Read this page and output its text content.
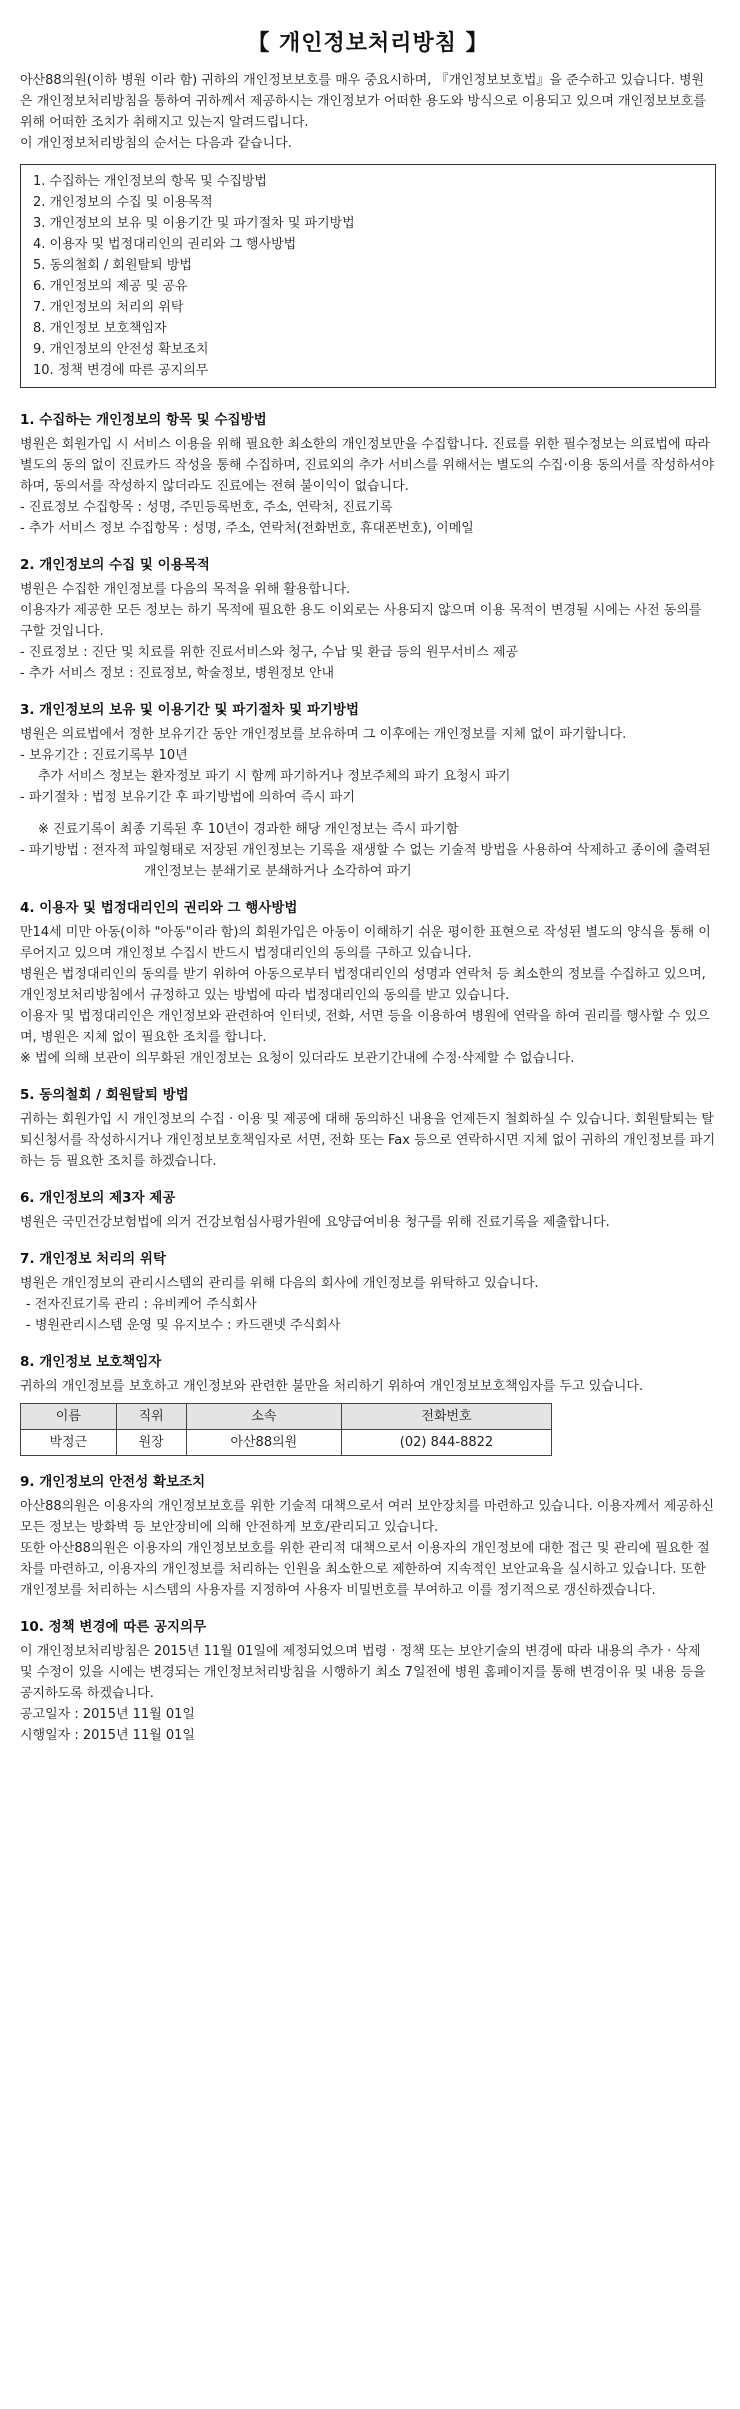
【 개인정보처리방침 】

아산88의원(이하 병원 이라 함) 귀하의 개인정보보호를 매우 중요시하며, 『개인정보보호법』을 준수하고 있습니다. 병원은 개인정보처리방침을 통하여 귀하께서 제공하시는 개인정보가 어떠한 용도와 방식으로 이용되고 있으며 개인정보보호를 위해 어떠한 조치가 취해지고 있는지 알려드립니다.

이 개인정보처리방침의 순서는 다음과 같습니다.

1. 수집하는 개인정보의 항목 및 수집방법
2. 개인정보의 수집 및 이용목적
3. 개인정보의 보유 및 이용기간 및 파기절차 및 파기방법
4. 이용자 및 법정대리인의 권리와 그 행사방법
5. 동의철회 / 회원탈퇴 방법
6. 개인정보의 제공 및 공유
7. 개인정보의 처리의 위탁
8. 개인정보 보호책임자
9. 개인정보의 안전성 확보조치
10. 정책 변경에 따른 공지의무
1. 수집하는 개인정보의 항목 및 수집방법

병원은 회원가입 시 서비스 이용을 위해 필요한 최소한의 개인정보만을 수집합니다. 진료를 위한 필수정보는 의료법에 따라 별도의 동의 없이 진료카드 작성을 통해 수집하며, 진료외의 추가 서비스를 위해서는 별도의 수집·이용 동의서를 작성하셔야 하며, 동의서를 작성하지 않더라도 진료에는 전혀 불이익이 없습니다.

- 진료정보 수집항목 : 성명, 주민등록번호, 주소, 연락처, 진료기록

- 추가 서비스 정보 수집항목 : 성명, 주소, 연락처(전화번호, 휴대폰번호), 이메일

2. 개인정보의 수집 및 이용목적

병원은 수집한 개인정보를 다음의 목적을 위해 활용합니다.

이용자가 제공한 모든 정보는 하기 목적에 필요한 용도 이외로는 사용되지 않으며 이용 목적이 변경될 시에는 사전 동의를 구할 것입니다.

- 진료정보 : 진단 및 치료를 위한 진료서비스와 청구, 수납 및 환급 등의 원무서비스 제공

- 추가 서비스 정보 : 진료정보, 학술정보, 병원정보 안내

3. 개인정보의 보유 및 이용기간 및 파기절차 및 파기방법

병원은 의료법에서 정한 보유기간 동안 개인정보를 보유하며 그 이후에는 개인정보를 지체 없이 파기합니다.

- 보유기간 : 진료기록부 10년

추가 서비스 정보는 환자정보 파기 시 함께 파기하거나 정보주체의 파기 요청시 파기

- 파기절차 : 법정 보유기간 후 파기방법에 의하여 즉시 파기

※ 진료기록이 최종 기록된 후 10년이 경과한 해당 개인정보는 즉시 파기함

- 파기방법 : 전자적 파일형태로 저장된 개인정보는 기록을 재생할 수 없는 기술적 방법을 사용하여 삭제하고 종이에 출력된 개인정보는 분쇄기로 분쇄하거나 소각하여 파기

4. 이용자 및 법정대리인의 권리와 그 행사방법

만14세 미만 아동(이하 "아동"이라 함)의 회원가입은 아동이 이해하기 쉬운 평이한 표현으로 작성된 별도의 양식을 통해 이루어지고 있으며 개인정보 수집시 반드시 법정대리인의 동의를 구하고 있습니다.

병원은 법정대리인의 동의를 받기 위하여 아동으로부터 법정대리인의 성명과 연락처 등 최소한의 정보를 수집하고 있으며, 개인정보처리방침에서 규정하고 있는 방법에 따라 법정대리인의 동의를 받고 있습니다.

이용자 및 법정대리인은 개인정보와 관련하여 인터넷, 전화, 서면 등을 이용하여 병원에 연락을 하여 권리를 행사할 수 있으며, 병원은 지체 없이 필요한 조치를 합니다.

※ 법에 의해 보관이 의무화된 개인정보는 요청이 있더라도 보관기간내에 수정·삭제할 수 없습니다.

5. 동의철회 / 회원탈퇴 방법

귀하는 회원가입 시 개인정보의 수집 · 이용 및 제공에 대해 동의하신 내용을 언제든지 철회하실 수 있습니다. 회원탈퇴는 탈퇴신청서를 작성하시거나 개인정보보호책임자로 서면, 전화 또는 Fax 등으로 연락하시면 지체 없이 귀하의 개인정보를 파기하는 등 필요한 조치를 하겠습니다.

6. 개인정보의 제3자 제공

병원은 국민건강보험법에 의거 건강보험심사평가원에 요양급여비용 청구를 위해 진료기록을 제출합니다.

7. 개인정보 처리의 위탁

병원은 개인정보의 관리시스템의 관리를 위해 다음의 회사에 개인정보를 위탁하고 있습니다.

- 전자진료기록 관리 : 유비케어 주식회사

- 병원관리시스템 운영 및 유지보수 : 카드랜넷 주식회사

8. 개인정보 보호책임자

귀하의 개인정보를 보호하고 개인정보와 관련한 불만을 처리하기 위하여 개인정보보호책임자를 두고 있습니다.

이름	직위	소속	전화번호
박정근	원장	아산88의원	(02) 844-8822
9. 개인정보의 안전성 확보조치

아산88의원은 이용자의 개인정보보호를 위한 기술적 대책으로서 여러 보안장치를 마련하고 있습니다. 이용자께서 제공하신 모든 정보는 방화벽 등 보안장비에 의해 안전하게 보호/관리되고 있습니다.

또한 아산88의원은 이용자의 개인정보보호를 위한 관리적 대책으로서 이용자의 개인정보에 대한 접근 및 관리에 필요한 절차를 마련하고, 이용자의 개인정보를 처리하는 인원을 최소한으로 제한하여 지속적인 보안교육을 실시하고 있습니다. 또한 개인정보를 처리하는 시스템의 사용자를 지정하여 사용자 비밀번호를 부여하고 이를 정기적으로 갱신하겠습니다.

10. 정책 변경에 따른 공지의무

이 개인정보처리방침은 2015년 11월 01일에 제정되었으며 법령 · 정책 또는 보안기술의 변경에 따라 내용의 추가 · 삭제 및 수정이 있을 시에는 변경되는 개인정보처리방침을 시행하기 최소 7일전에 병원 홈페이지를 통해 변경이유 및 내용 등을 공지하도록 하겠습니다.

공고일자 : 2015년 11월 01일

시행일자 : 2015년 11월 01일
